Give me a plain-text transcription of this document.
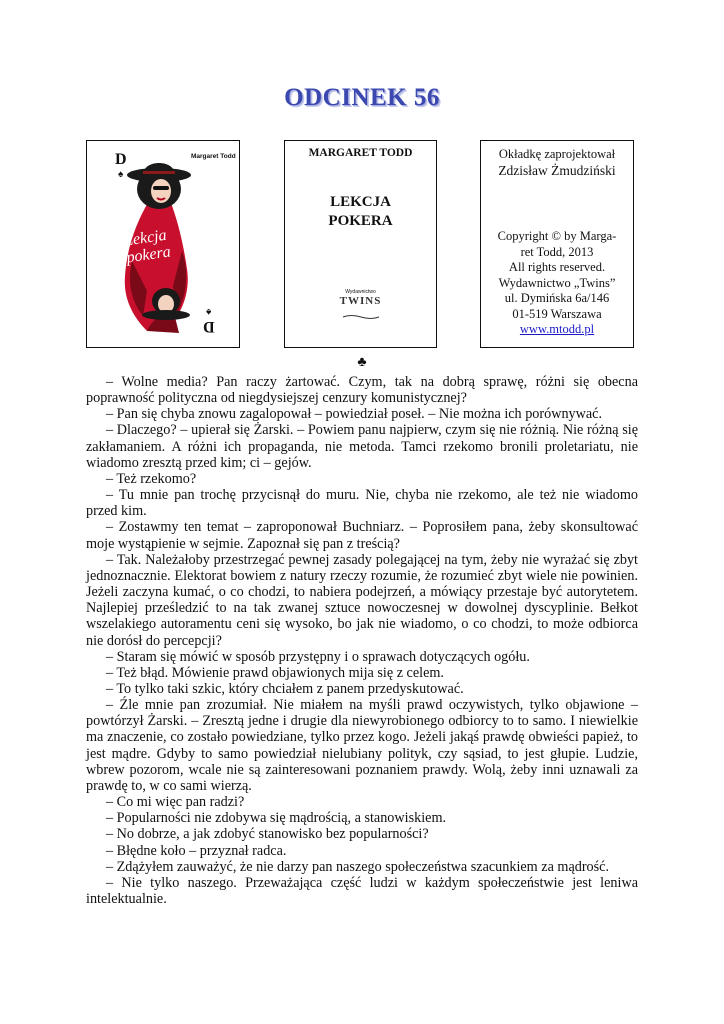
ODCINEK 56
D
♠
Margaret Todd
Lekcja pokera
D
♠
MARGARET TODD
LEKCJA
POKERA
Wydawnictwo
TWINS
Okładkę zaprojektował
Zdzisław Żmudziński
Copyright © by Marga-
ret Todd, 2013
All rights reserved.
Wydawnictwo „Twins”
ul. Dymińska 6a/146
01-519 Warszawa
www.mtodd.pl
♣

– Wolne media? Pan raczy żartować. Czym, tak na dobrą sprawę, różni się obecna poprawność polityczna od niegdysiejszej cenzury komunistycznej?

– Pan się chyba znowu zagalopował – powiedział poseł. – Nie można ich porównywać.

– Dlaczego? – upierał się Żarski. – Powiem panu najpierw, czym się nie różnią. Nie różną się zakłamaniem. A różni ich propaganda, nie metoda. Tamci rzekomo bronili proletariatu, nie wiadomo zresztą przed kim; ci – gejów.

– Też rzekomo?

– Tu mnie pan trochę przycisnął do muru. Nie, chyba nie rzekomo, ale też nie wiadomo przed kim.

– Zostawmy ten temat – zaproponował Buchniarz. – Poprosiłem pana, żeby skonsultować moje wystąpienie w sejmie. Zapoznał się pan z treścią?

– Tak. Należałoby przestrzegać pewnej zasady polegającej na tym, żeby nie wyrażać się zbyt jednoznacznie. Elektorat bowiem z natury rzeczy rozumie, że rozumieć zbyt wiele nie powinien. Jeżeli zaczyna kumać, o co chodzi, to nabiera podejrzeń, a mówiący przestaje być autorytetem. Najlepiej prześledzić to na tak zwanej sztuce nowoczesnej w dowolnej dyscyplinie. Bełkot wszelakiego autoramentu ceni się wysoko, bo jak nie wiadomo, o co chodzi, to może odbiorca nie dorósł do percepcji?

– Staram się mówić w sposób przystępny i o sprawach dotyczących ogółu.

– Też błąd. Mówienie prawd objawionych mija się z celem.

– To tylko taki szkic, który chciałem z panem przedyskutować.

– Źle mnie pan zrozumiał. Nie miałem na myśli prawd oczywistych, tylko objawione – powtórzył Żarski. – Zresztą jedne i drugie dla niewyrobionego odbiorcy to to samo. I niewielkie ma znaczenie, co zostało powiedziane, tylko przez kogo. Jeżeli jakąś prawdę obwieści papież, to jest mądre. Gdyby to samo powiedział nielubiany polityk, czy sąsiad, to jest głupie. Ludzie, wbrew pozorom, wcale nie są zainteresowani poznaniem prawdy. Wolą, żeby inni uznawali za prawdę to, w co sami wierzą.

– Co mi więc pan radzi?

– Popularności nie zdobywa się mądrością, a stanowiskiem.

– No dobrze, a jak zdobyć stanowisko bez popularności?

– Błędne koło – przyznał radca.

– Zdążyłem zauważyć, że nie darzy pan naszego społeczeństwa szacunkiem za mądrość.

– Nie tylko naszego. Przeważająca część ludzi w każdym społeczeństwie jest leniwa intelektualnie.
